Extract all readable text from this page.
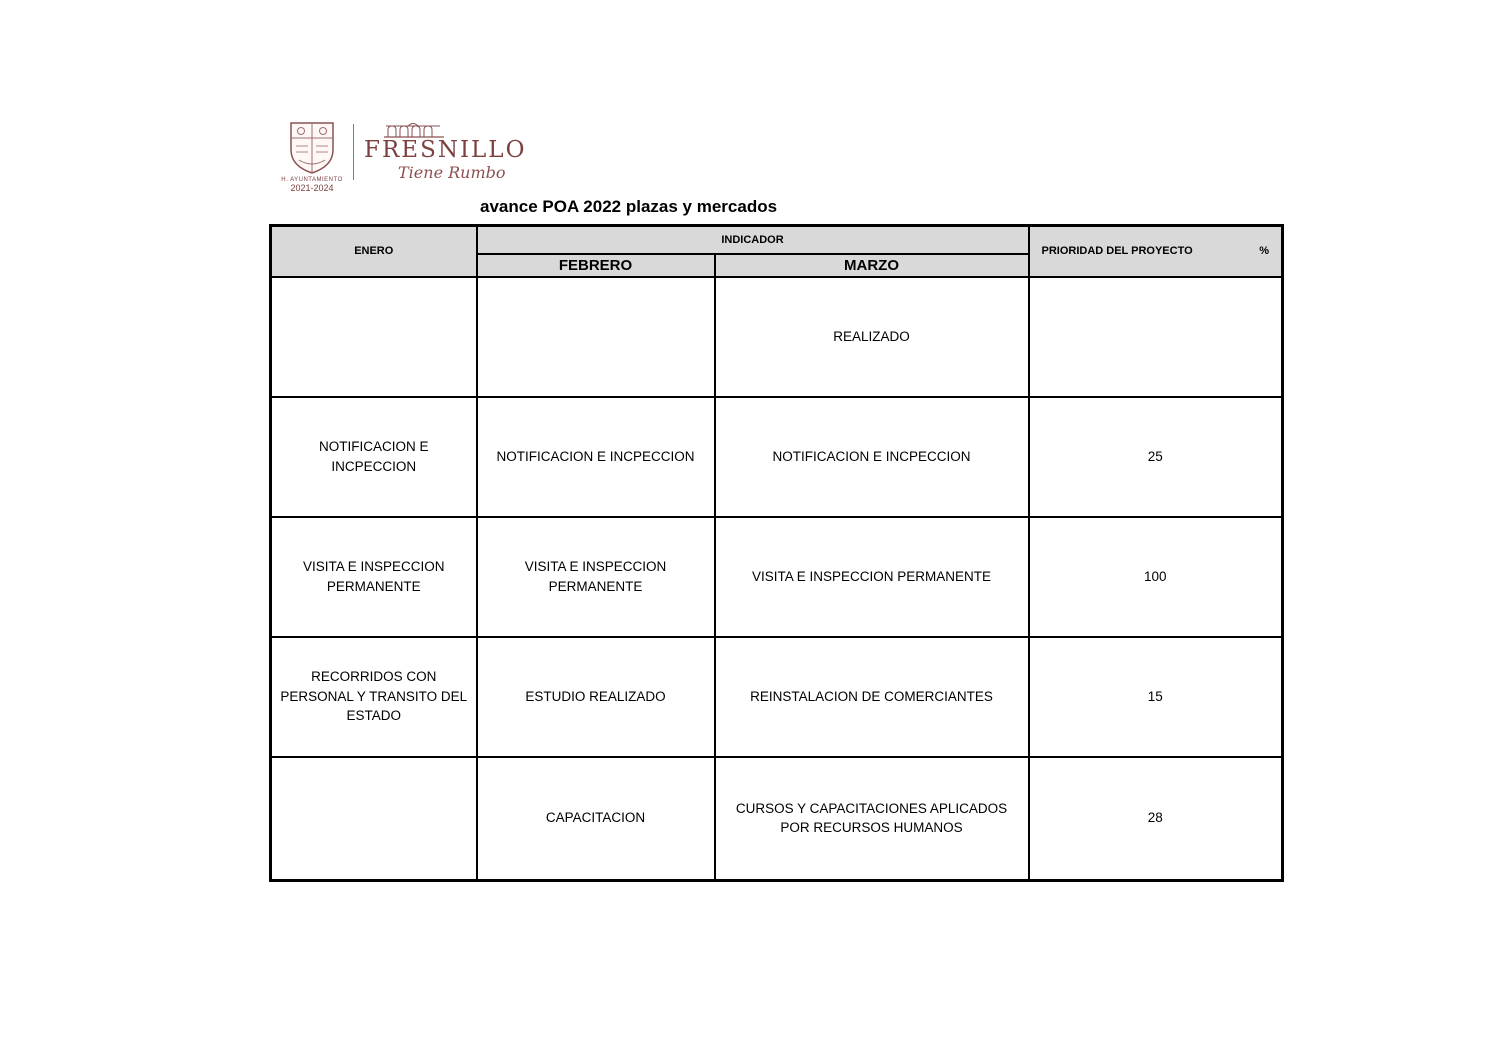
H. AYUNTAMIENTO
2021-2024
FRESNILLO
Tiene Rumbo
avance POA 2022 plazas y mercados
ENERO	INDICADOR		PRIORIDAD DEL PROYECTO %

	FEBRERO	MARZO	
		REALIZADO	
NOTIFICACION E INCPECCION	NOTIFICACION E INCPECCION	NOTIFICACION E INCPECCION	25
VISITA E INSPECCION PERMANENTE	VISITA E INSPECCION PERMANENTE	VISITA E INSPECCION PERMANENTE	100
RECORRIDOS CON PERSONAL Y TRANSITO DEL ESTADO	ESTUDIO REALIZADO	REINSTALACION DE COMERCIANTES	15
	CAPACITACION	CURSOS Y CAPACITACIONES APLICADOS POR RECURSOS HUMANOS	28
